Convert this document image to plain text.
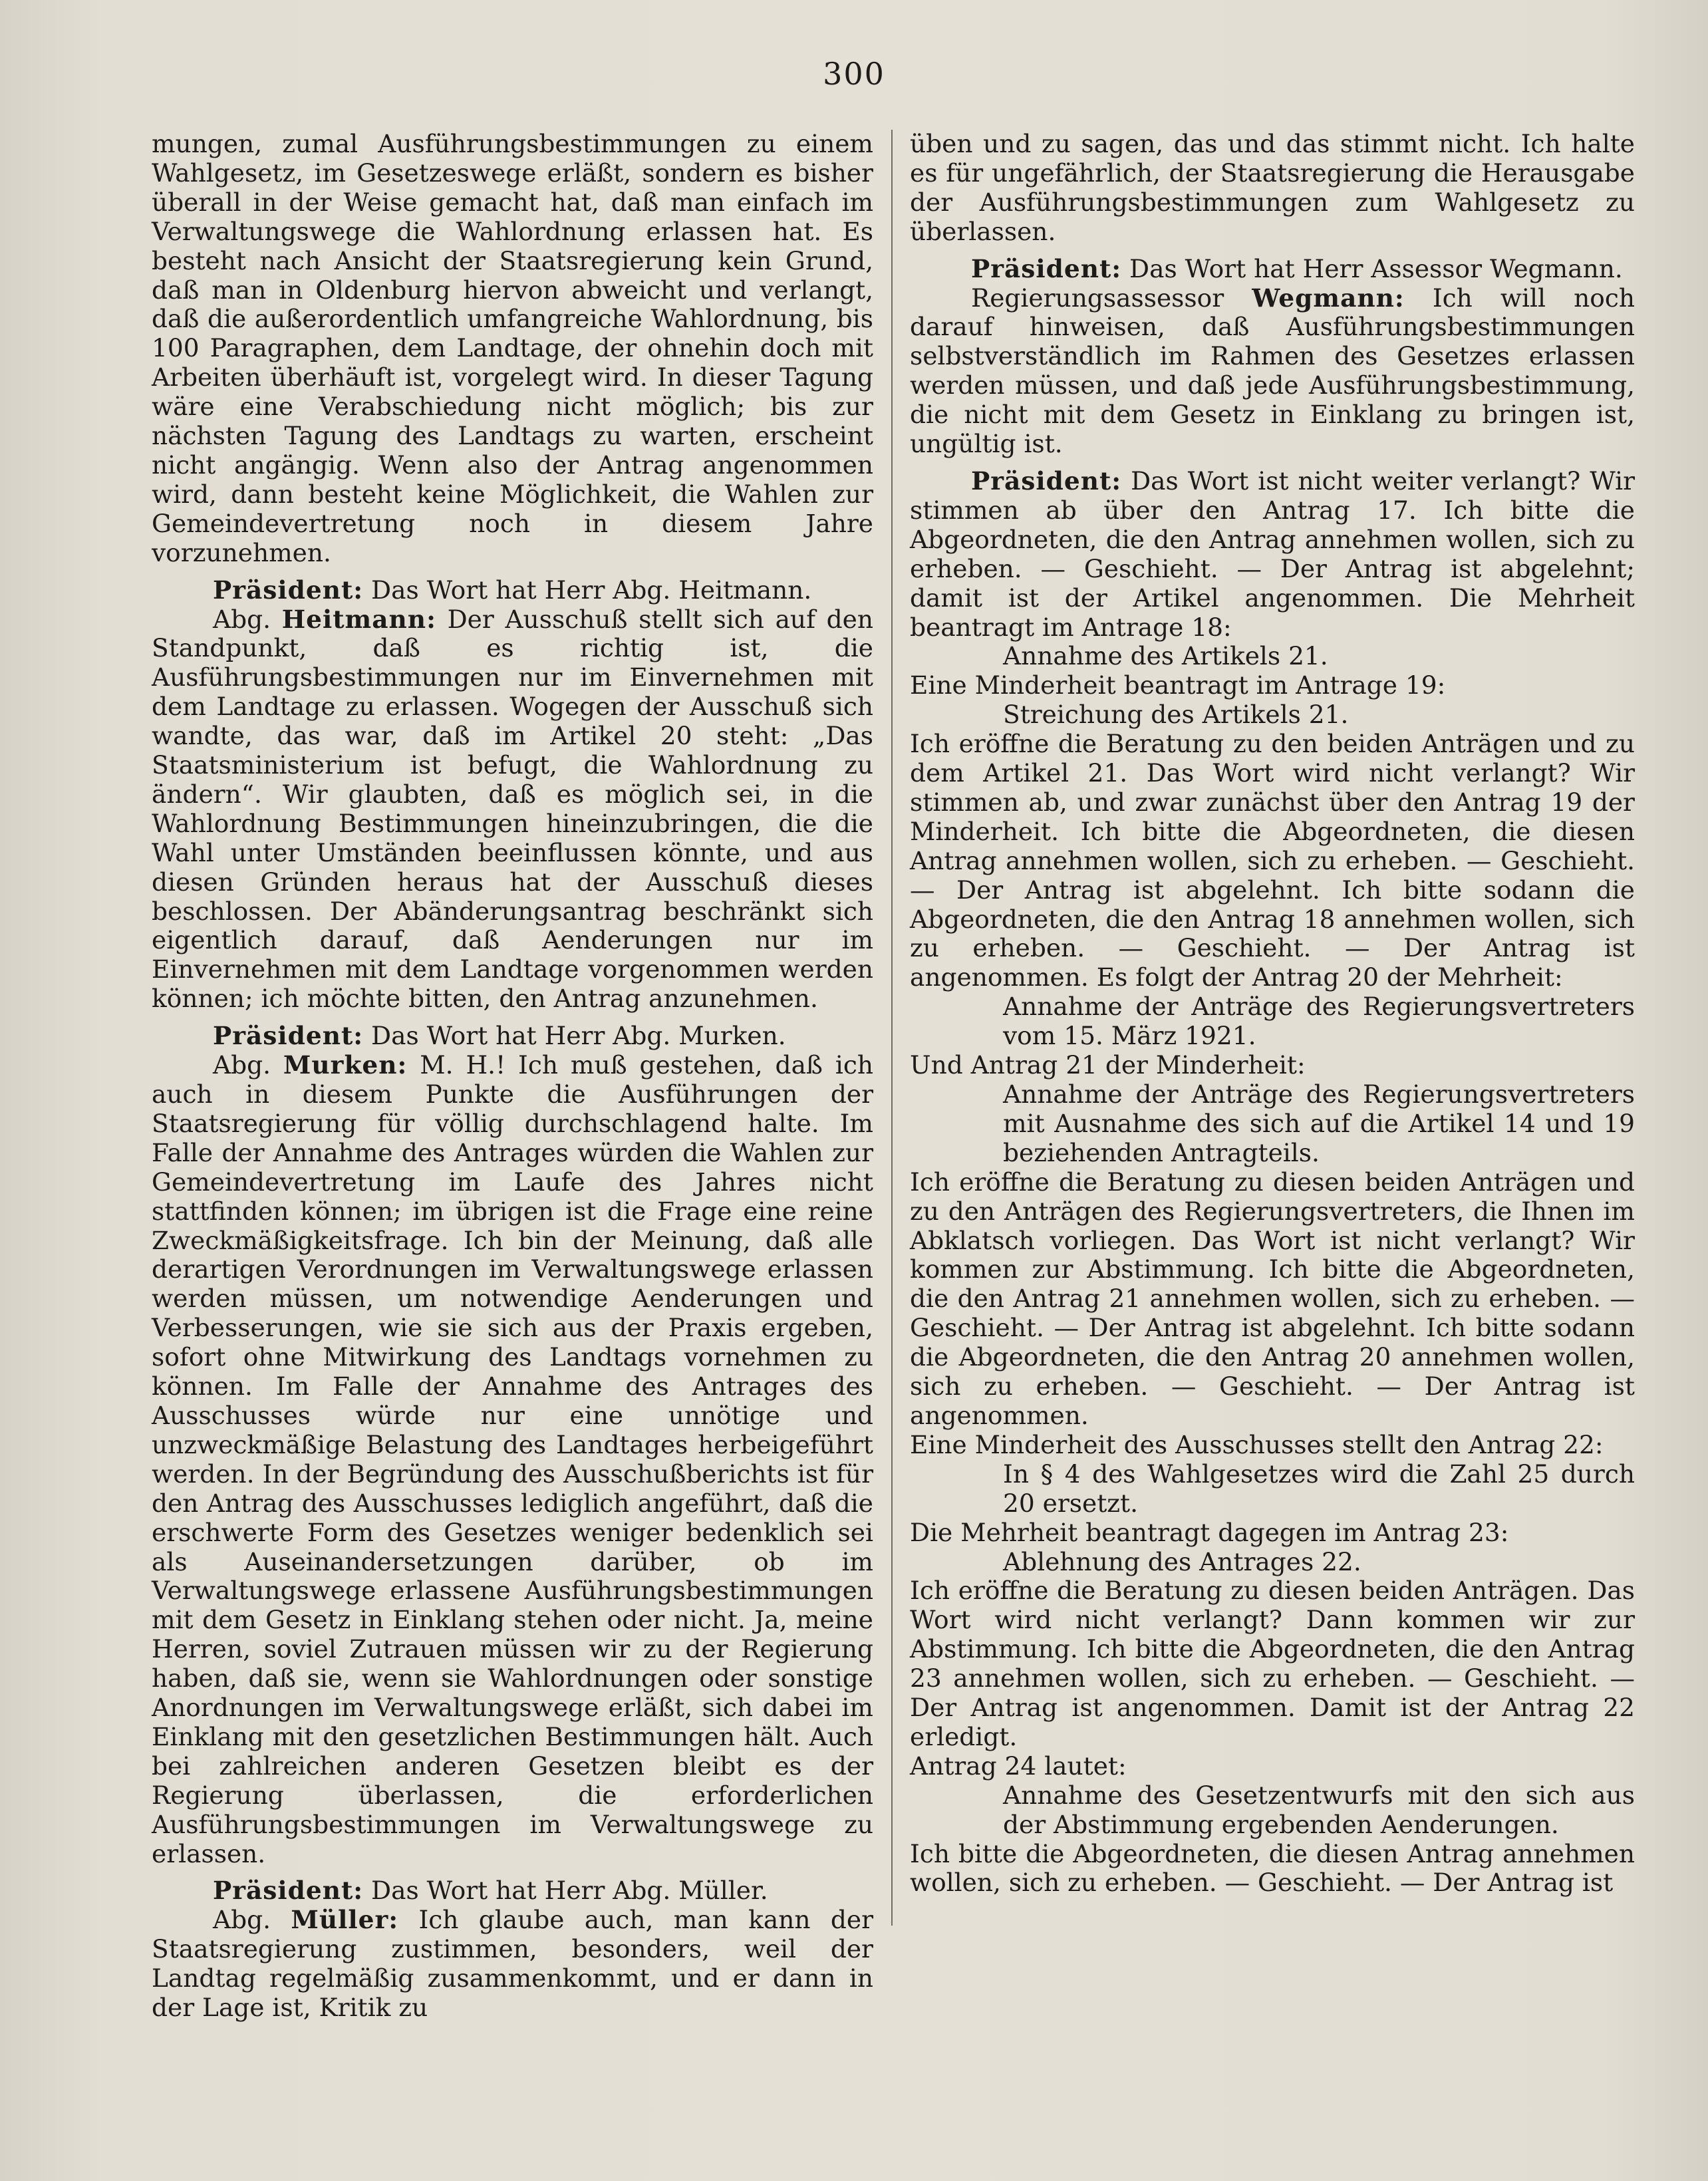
300

mungen, zumal Ausführungsbestimmungen zu einem Wahlgesetz, im Gesetzeswege erläßt, sondern es bisher überall in der Weise gemacht hat, daß man einfach im Verwaltungswege die Wahlordnung erlassen hat. Es besteht nach Ansicht der Staatsregierung kein Grund, daß man in Oldenburg hiervon abweicht und verlangt, daß die außerordentlich umfangreiche Wahlordnung, bis 100 Paragraphen, dem Landtage, der ohnehin doch mit Arbeiten überhäuft ist, vorgelegt wird. In dieser Tagung wäre eine Verabschiedung nicht möglich; bis zur nächsten Tagung des Landtags zu warten, erscheint nicht angängig. Wenn also der Antrag angenommen wird, dann besteht keine Möglichkeit, die Wahlen zur Gemeindevertretung noch in diesem Jahre vorzunehmen.

Präsident: Das Wort hat Herr Abg. Heitmann.

Abg. Heitmann: Der Ausschuß stellt sich auf den Standpunkt, daß es richtig ist, die Ausführungsbestimmungen nur im Einvernehmen mit dem Landtage zu erlassen. Wogegen der Ausschuß sich wandte, das war, daß im Artikel 20 steht: „Das Staatsministerium ist befugt, die Wahlordnung zu ändern“. Wir glaubten, daß es möglich sei, in die Wahlordnung Bestimmungen hineinzubringen, die die Wahl unter Umständen beeinflussen könnte, und aus diesen Gründen heraus hat der Ausschuß dieses beschlossen. Der Abänderungsantrag beschränkt sich eigentlich darauf, daß Aenderungen nur im Einvernehmen mit dem Landtage vorgenommen werden können; ich möchte bitten, den Antrag anzunehmen.

Präsident: Das Wort hat Herr Abg. Murken.

Abg. Murken: M. H.! Ich muß gestehen, daß ich auch in diesem Punkte die Ausführungen der Staatsregierung für völlig durchschlagend halte. Im Falle der Annahme des Antrages würden die Wahlen zur Gemeindevertretung im Laufe des Jahres nicht stattfinden können; im übrigen ist die Frage eine reine Zweckmäßigkeitsfrage. Ich bin der Meinung, daß alle derartigen Verordnungen im Verwaltungswege erlassen werden müssen, um notwendige Aenderungen und Verbesserungen, wie sie sich aus der Praxis ergeben, sofort ohne Mitwirkung des Landtags vornehmen zu können. Im Falle der Annahme des Antrages des Ausschusses würde nur eine unnötige und unzweckmäßige Belastung des Landtages herbeigeführt werden. In der Begründung des Ausschußberichts ist für den Antrag des Ausschusses lediglich angeführt, daß die erschwerte Form des Gesetzes weniger bedenklich sei als Auseinandersetzungen darüber, ob im Verwaltungswege erlassene Ausführungsbestimmungen mit dem Gesetz in Einklang stehen oder nicht. Ja, meine Herren, soviel Zutrauen müssen wir zu der Regierung haben, daß sie, wenn sie Wahlordnungen oder sonstige Anordnungen im Verwaltungswege erläßt, sich dabei im Einklang mit den gesetzlichen Bestimmungen hält. Auch bei zahlreichen anderen Gesetzen bleibt es der Regierung überlassen, die erforderlichen Ausführungsbestimmungen im Verwaltungswege zu erlassen.

Präsident: Das Wort hat Herr Abg. Müller.

Abg. Müller: Ich glaube auch, man kann der Staatsregierung zustimmen, besonders, weil der Landtag regelmäßig zusammenkommt, und er dann in der Lage ist, Kritik zu

üben und zu sagen, das und das stimmt nicht. Ich halte es für ungefährlich, der Staatsregierung die Herausgabe der Ausführungsbestimmungen zum Wahlgesetz zu überlassen.

Präsident: Das Wort hat Herr Assessor Wegmann.

Regierungsassessor Wegmann: Ich will noch darauf hinweisen, daß Ausführungsbestimmungen selbstverständlich im Rahmen des Gesetzes erlassen werden müssen, und daß jede Ausführungsbestimmung, die nicht mit dem Gesetz in Einklang zu bringen ist, ungültig ist.

Präsident: Das Wort ist nicht weiter verlangt? Wir stimmen ab über den Antrag 17. Ich bitte die Abgeordneten, die den Antrag annehmen wollen, sich zu erheben. — Geschieht. — Der Antrag ist abgelehnt; damit ist der Artikel angenommen. Die Mehrheit beantragt im Antrage 18:

Annahme des Artikels 21.

Eine Minderheit beantragt im Antrage 19:

Streichung des Artikels 21.

Ich eröffne die Beratung zu den beiden Anträgen und zu dem Artikel 21. Das Wort wird nicht verlangt? Wir stimmen ab, und zwar zunächst über den Antrag 19 der Minderheit. Ich bitte die Abgeordneten, die diesen Antrag annehmen wollen, sich zu erheben. — Geschieht. — Der Antrag ist abgelehnt. Ich bitte sodann die Abgeordneten, die den Antrag 18 annehmen wollen, sich zu erheben. — Geschieht. — Der Antrag ist angenommen. Es folgt der Antrag 20 der Mehrheit:

Annahme der Anträge des Regierungsvertreters vom 15. März 1921.

Und Antrag 21 der Minderheit:

Annahme der Anträge des Regierungsvertreters mit Ausnahme des sich auf die Artikel 14 und 19 beziehenden Antragteils.

Ich eröffne die Beratung zu diesen beiden Anträgen und zu den Anträgen des Regierungsvertreters, die Ihnen im Abklatsch vorliegen. Das Wort ist nicht verlangt? Wir kommen zur Abstimmung. Ich bitte die Abgeordneten, die den Antrag 21 annehmen wollen, sich zu erheben. — Geschieht. — Der Antrag ist abgelehnt. Ich bitte sodann die Abgeordneten, die den Antrag 20 annehmen wollen, sich zu erheben. — Geschieht. — Der Antrag ist angenommen.

Eine Minderheit des Ausschusses stellt den Antrag 22:

In § 4 des Wahlgesetzes wird die Zahl 25 durch 20 ersetzt.

Die Mehrheit beantragt dagegen im Antrag 23:

Ablehnung des Antrages 22.

Ich eröffne die Beratung zu diesen beiden Anträgen. Das Wort wird nicht verlangt? Dann kommen wir zur Abstimmung. Ich bitte die Abgeordneten, die den Antrag 23 annehmen wollen, sich zu erheben. — Geschieht. — Der Antrag ist angenommen. Damit ist der Antrag 22 erledigt.

Antrag 24 lautet:

Annahme des Gesetzentwurfs mit den sich aus der Abstimmung ergebenden Aenderungen.

Ich bitte die Abgeordneten, die diesen Antrag annehmen wollen, sich zu erheben. — Geschieht. — Der Antrag ist
